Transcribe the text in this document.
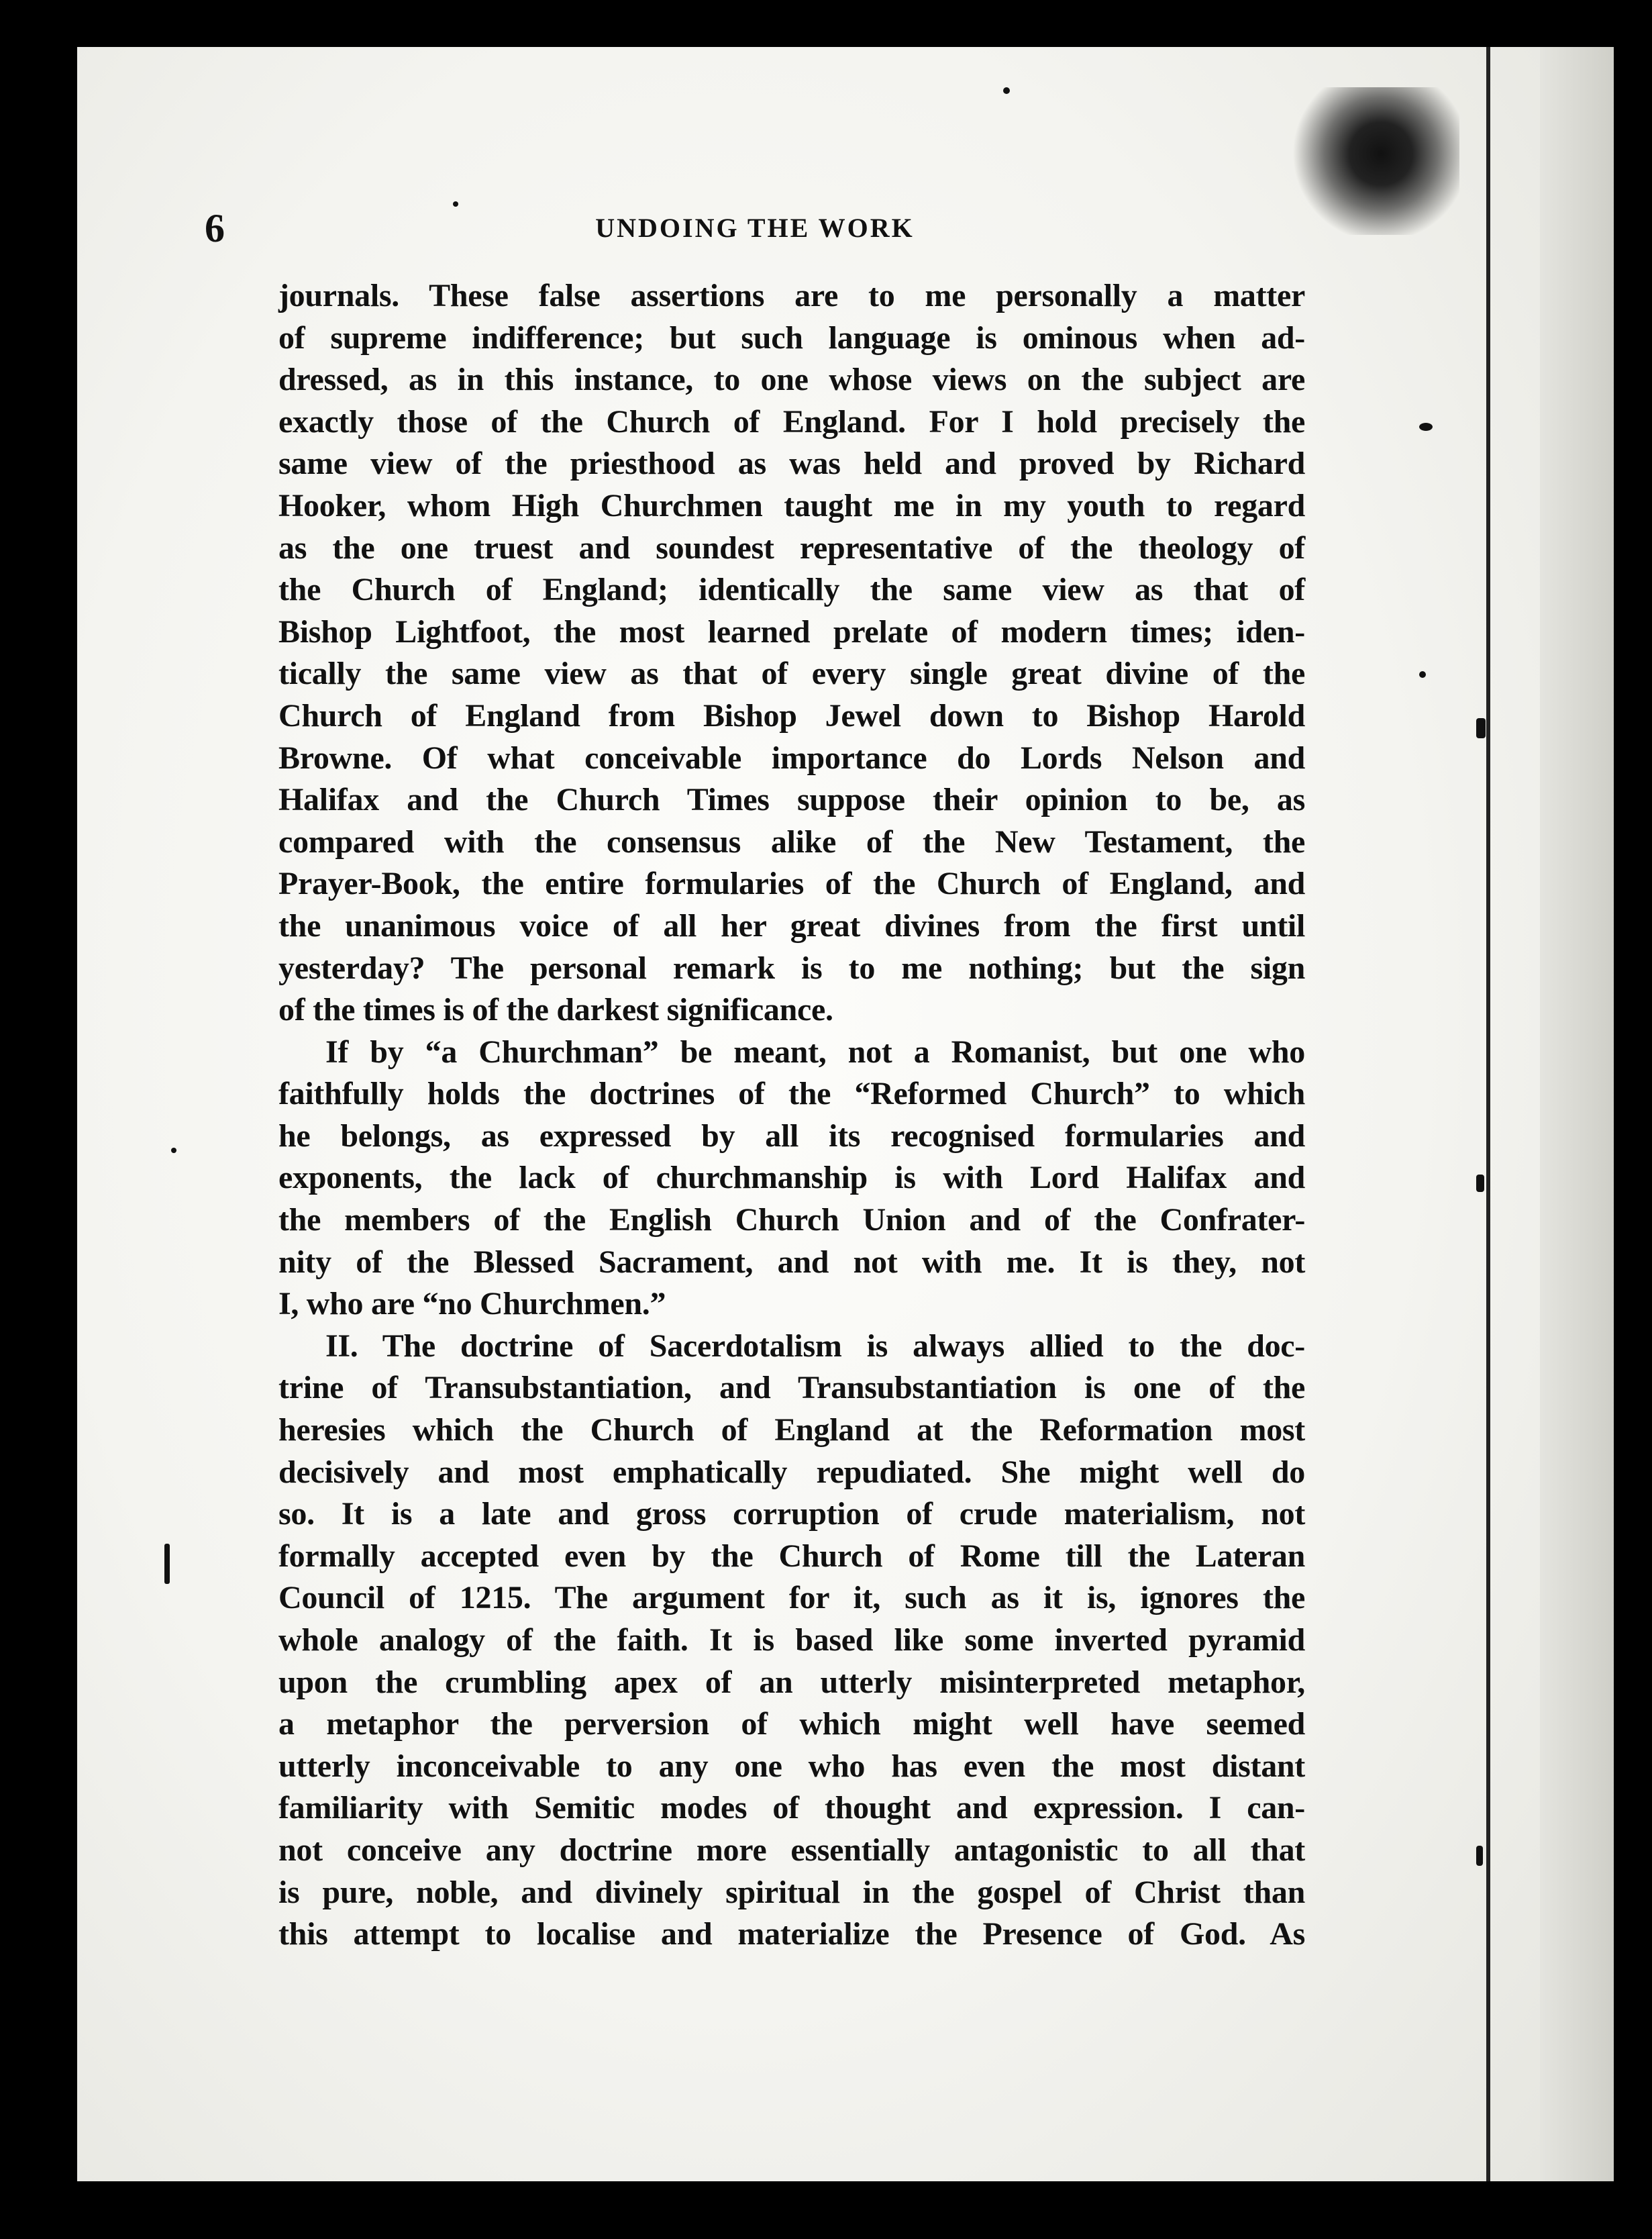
6	UNDOING THE WORK
journals. These false assertions are to me personally a matter
of supreme indifference; but such language is ominous when ad-
dressed, as in this instance, to one whose views on the subject are
exactly those of the Church of England. For I hold precisely the
same view of the priesthood as was held and proved by Richard
Hooker, whom High Churchmen taught me in my youth to regard
as the one truest and soundest representative of the theology of
the Church of England; identically the same view as that of
Bishop Lightfoot, the most learned prelate of modern times; iden-
tically the same view as that of every single great divine of the
Church of England from Bishop Jewel down to Bishop Harold
Browne. Of what conceivable importance do Lords Nelson and
Halifax and the Church Times suppose their opinion to be, as
compared with the consensus alike of the New Testament, the
Prayer-Book, the entire formularies of the Church of England, and
the unanimous voice of all her great divines from the first until
yesterday? The personal remark is to me nothing; but the sign
of the times is of the darkest significance.
If by “a Churchman” be meant, not a Romanist, but one who
faithfully holds the doctrines of the “Reformed Church” to which
he belongs, as expressed by all its recognised formularies and
exponents, the lack of churchmanship is with Lord Halifax and
the members of the English Church Union and of the Confrater-
nity of the Blessed Sacrament, and not with me. It is they, not
I, who are “no Churchmen.”
II. The doctrine of Sacerdotalism is always allied to the doc-
trine of Transubstantiation, and Transubstantiation is one of the
heresies which the Church of England at the Reformation most
decisively and most emphatically repudiated. She might well do
so. It is a late and gross corruption of crude materialism, not
formally accepted even by the Church of Rome till the Lateran
Council of 1215. The argument for it, such as it is, ignores the
whole analogy of the faith. It is based like some inverted pyramid
upon the crumbling apex of an utterly misinterpreted metaphor,
a metaphor the perversion of which might well have seemed
utterly inconceivable to any one who has even the most distant
familiarity with Semitic modes of thought and expression. I can-
not conceive any doctrine more essentially antagonistic to all that
is pure, noble, and divinely spiritual in the gospel of Christ than
this attempt to localise and materialize the Presence of God. As
